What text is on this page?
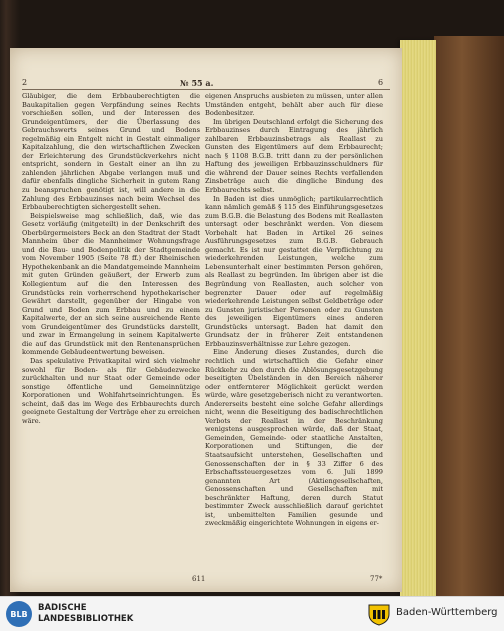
2	№ 55 a.	6

Gläubiger, die dem Erbbauberechtigten die Baukapitalien gegen Verpfändung seines Rechts vorschießen sollen, und der Interessen des Grundeigentümers, der die Überlassung des Gebrauchswerts seines Grund und Bodens regelmäßig ein Entgelt nicht in Gestalt einmaliger Kapitalzahlung, die den wirtschaftlichen Zwecken der Erleichterung des Grundstückverkehrs nicht entspricht, sondern in Gestalt einer an ihn zu zahlenden jährlichen Abgabe verlangen muß und dafür ebenfalls dingliche Sicherheit in gutem Rang zu beanspruchen genötigt ist, will andere in die Zahlung des Erbbauzinses nach beim Wechsel des Erbbauberechtigten sichergestellt sehen.

Beispielsweise mag schließlich, daß, wie das Gesetz vorläufig (mitgeteilt) in der Denkschrift des Oberbürgermeisters Beck an den Stadtrat der Stadt Mannheim über die Mannheimer Wohnungsfrage und die Bau- und Bodenpolitik der Stadtgemeinde vom November 1905 (Seite 78 ff.) der Rheinischen Hypothekenbank an die Mandatgemeinde Mannheim mit guten Gründen geäußert, der Erwerb zum Kollegientum auf die den Interessen des Grundstücks rein vorherrschend hypothekarischer Gewährt darstellt, gegenüber der Hingabe von Grund und Boden zum Erbbau und zu einem Kapitalwerte, der an sich seine ausreichende Rente vom Grundeigentümer des Grundstücks darstellt, und zwar in Ermangelung in seinem Kapitalwerte die auf das Grundstück mit den Rentenansprüchen kommende Gebäudeentwertung beweisen.

Das spekulative Privatkapital wird sich vielmehr sowohl für Boden- als für Gebäudezwecke zurückhalten und nur Staat oder Gemeinde oder sonstige öffentliche und Gemeinnützige Korporationen und Wohlfahrtseinrichtungen. Es scheint, daß das im Wege des Erbbaurechts durch geeignete Gestaltung der Verträge eher zu erreichen wäre.

eigenen Anspruchs ausbieten zu müssen, unter allen Umständen entgeht, behält aber auch für diese Bodenbesitzer.

Im übrigen Deutschland erfolgt die Sicherung des Erbbauzinses durch Eintragung des jährlich zahlbaren Erbbauzinsbetrags als Reallast zu Gunsten des Eigentümers auf dem Erbbaurecht; nach § 1108 B.G.B. tritt dann zu der persönlichen Haftung des jeweiligen Erbbauzinsschuldners für die während der Dauer seines Rechts verfallenden Zinsbeträge auch die dingliche Bindung des Erbbaurechts selbst.

In Baden ist dies unmöglich; partikularrechtlich kann nämlich gemäß § 115 des Einführungsgesetzes zum B.G.B. die Belastung des Bodens mit Reallasten untersagt oder beschränkt werden. Von diesem Vorbehalt hat Baden in Artikel 26 seines Ausführungsgesetzes zum B.G.B. Gebrauch gemacht. Es ist nur gestattet die Verpflichtung zu wiederkehrenden Leistungen, welche zum Lebensunterhalt einer bestimmten Person gehören, als Reallast zu begründen. Im übrigen aber ist die Begründung von Reallasten, auch solcher von begrenzter Dauer oder auf regelmäßig wiederkehrende Leistungen selbst Geldbeträge oder zu Gunsten juristischer Personen oder zu Gunsten des jeweiligen Eigentümers eines anderen Grundstücks untersagt. Baden hat damit den Grundsatz der in früherer Zeit entstandenen Erbbauzinsverhältnisse zur Lehre gezogen.

Eine Änderung dieses Zustandes, durch die rechtlich und wirtschaftlich die Gefahr einer Rückkehr zu den durch die Ablösungsgesetzgebung beseitigten Übelständen in den Bereich näherer oder entfernterer Möglichkeit gerückt werden würde, wäre gesetzgeberisch nicht zu verantworten. Andererseits besteht eine solche Gefahr allerdings nicht, wenn die Beseitigung des badischrechtlichen Verbots der Reallast in der Beschränkung wenigstens ausgesprochen würde, daß der Staat, Gemeinden, Gemeinde- oder staatliche Anstalten, Korporationen und Stiftungen, die der Staatsaufsicht unterstehen, Gesellschaften und Genossenschaften der in § 33 Ziffer 6 des Erbschaftssteuergesetzes vom 6. Juli 1899 genannten Art (Aktiengesellschaften, Genossenschaften und Gesellschaften mit beschränkter Haftung, deren durch Statut bestimmter Zweck ausschließlich darauf gerichtet ist, unbemittelten Familien gesunde und zweckmäßig eingerichtete Wohnungen in eigens er-

611	77*
BLB
BADISCHE
LANDESBIBLIOTHEK
Baden-Württemberg
